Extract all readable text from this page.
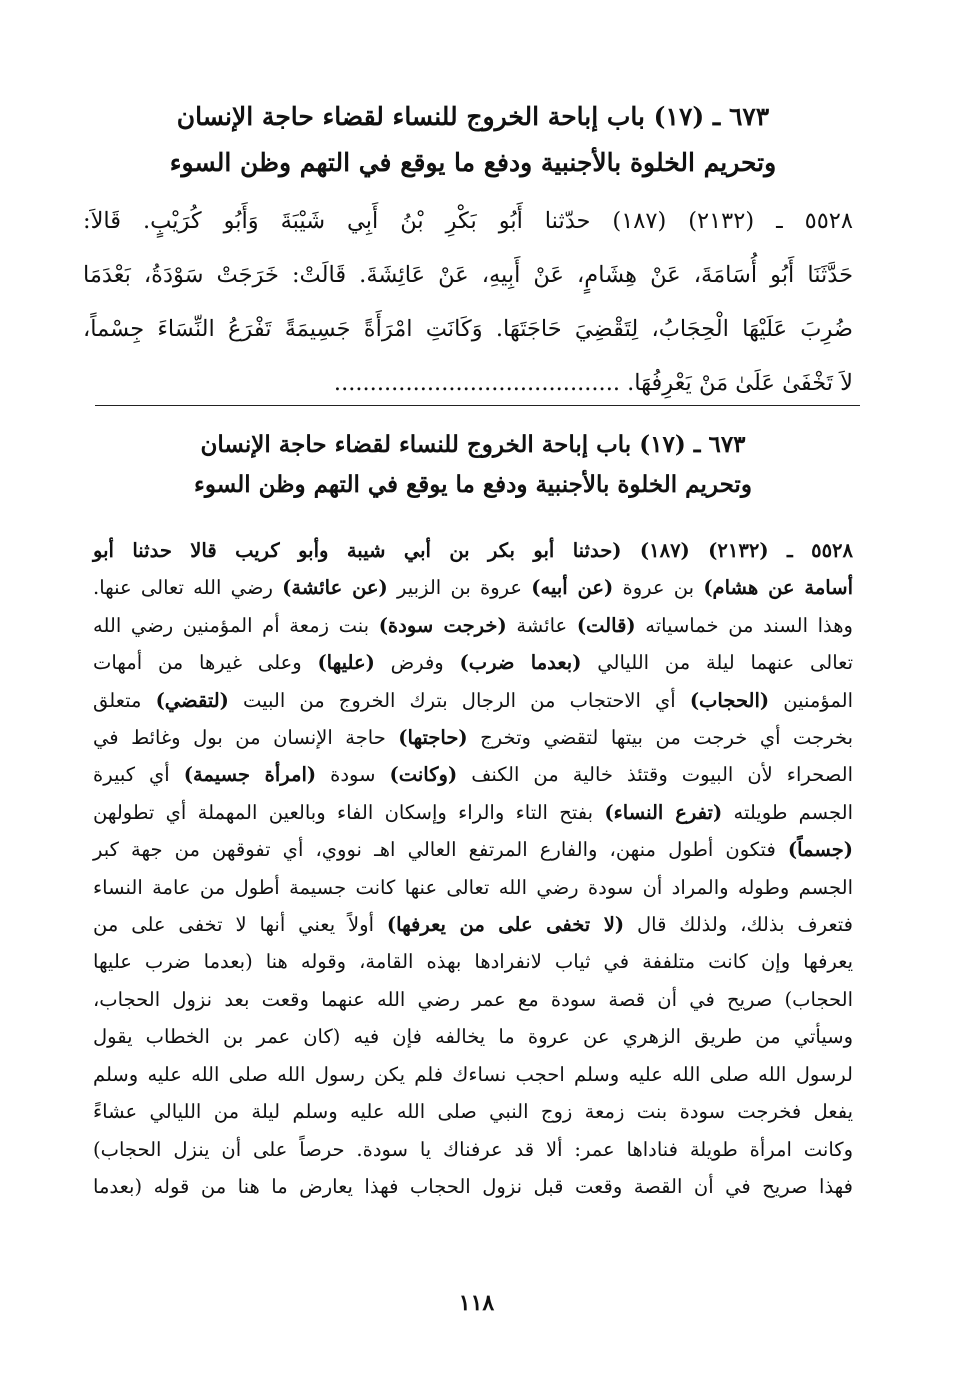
٦٧٣ ـ (١٧) باب إباحة الخروج للنساء لقضاء حاجة الإنسان
وتحريم الخلوة بالأجنبية ودفع ما يوقع في التهم وظن السوء
٥٥٢٨ ـ (٢١٣٢) (١٨٧) حدّثنا أَبُو بَكْرِ بْنُ أَبِي شَيْبَةَ وَأَبُو كُرَيْبٍ. قَالاَ:
حَدَّثَنَا أَبُو أُسَامَةَ، عَنْ هِشَامٍ، عَنْ أَبِيهِ، عَنْ عَائِشَةَ. قَالَتْ: خَرَجَتْ سَوْدَةُ، بَعْدَمَا
ضُرِبَ عَلَيْهَا الْحِجَابُ، لِتَقْضِيَ حَاجَتَهَا. وَكَانَتِ امْرَأَةً جَسِيمَةً تَفْرَعُ النِّسَاءَ جِسْماً،
لاَ تَخْفَىٰ عَلَىٰ مَنْ يَعْرِفُهَا. ........................................
٦٧٣ ـ (١٧) باب إباحة الخروج للنساء لقضاء حاجة الإنسان
وتحريم الخلوة بالأجنبية ودفع ما يوقع في التهم وظن السوء
٥٥٢٨ ـ (٢١٣٢) (١٨٧) (حدثنا أبو بكر بن أبي شيبة وأبو كريب قالا حدثنا أبو
أسامة عن هشام) بن عروة (عن أبيه) عروة بن الزبير (عن عائشة) رضي الله تعالى عنها.
وهذا السند من خماسياته (قالت) عائشة (خرجت سودة) بنت زمعة أم المؤمنين رضي الله
تعالى عنهما ليلة من الليالي (بعدما ضرب) وفرض (عليها) وعلى غيرها من أمهات
المؤمنين (الحجاب) أي الاحتجاب من الرجال بترك الخروج من البيت (لتقضي) متعلق
بخرجت أي خرجت من بيتها لتقضي وتخرج (حاجتها) حاجة الإنسان من بول وغائط في
الصحراء لأن البيوت وقتئذ خالية من الكنف (وكانت) سودة (امرأة جسيمة) أي كبيرة
الجسم طويلته (تفرع النساء) بفتح التاء والراء وإسكان الفاء وبالعين المهملة أي تطولهن
(جسماً) فتكون أطول منهن، والفارع المرتفع العالي اهـ نووي، أي تفوقهن من جهة كبر
الجسم وطوله والمراد أن سودة رضي الله تعالى عنها كانت جسيمة أطول من عامة النساء
فتعرف بذلك، ولذلك قال (لا تخفى على من يعرفها) أولاً يعني أنها لا تخفى على من
يعرفها وإن كانت متلففة في ثياب لانفرادها بهذه القامة، وقوله هنا (بعدما ضرب عليها
الحجاب) صريح في أن قصة سودة مع عمر رضي الله عنهما وقعت بعد نزول الحجاب،
وسيأتي من طريق الزهري عن عروة ما يخالفه فإن فيه (كان عمر بن الخطاب يقول
لرسول الله صلى الله عليه وسلم احجب نساءك فلم يكن رسول الله صلى الله عليه وسلم
يفعل فخرجت سودة بنت زمعة زوج النبي صلى الله عليه وسلم ليلة من الليالي عشاءً
وكانت امرأة طويلة فناداها عمر: ألا قد عرفناك يا سودة. حرصاً على أن ينزل الحجاب)
فهذا صريح في أن القصة وقعت قبل نزول الحجاب فهذا يعارض ما هنا من قوله (بعدما
١١٨
